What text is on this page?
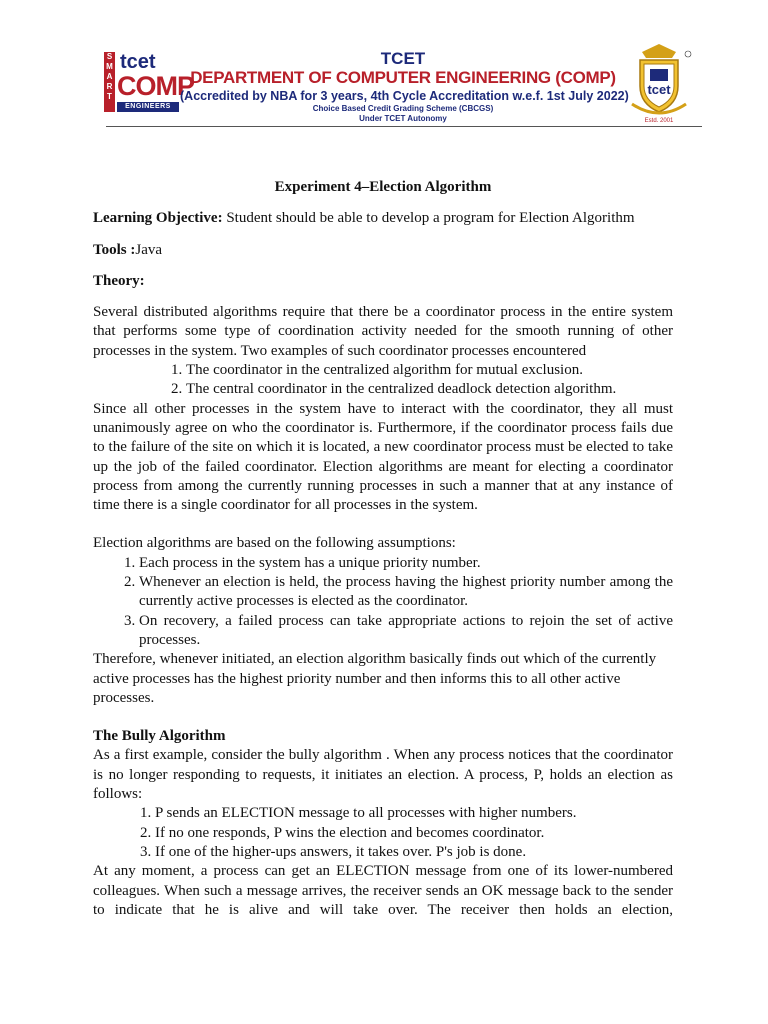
S
M
A
R
T
tcet
COMP
ENGINEERS
TCET
DEPARTMENT OF COMPUTER ENGINEERING (COMP)
(Accredited by NBA for 3 years, 4th Cycle Accreditation w.e.f. 1st July 2022)
Choice Based Credit Grading Scheme (CBCGS)
Under TCET Autonomy
tcet
Estd. 2001

Experiment 4–Election Algorithm

Learning Objective: Student should be able to develop a program for Election Algorithm

Tools :Java

Theory:

Several distributed algorithms require that there be a coordinator process in the entire system that performs some type of coordination activity needed for the smooth running of other processes in the system. Two examples of such coordinator processes encountered

1. The coordinator in the centralized algorithm for mutual exclusion.
2. The central coordinator in the centralized deadlock detection algorithm.

Since all other processes in the system have to interact with the coordinator, they all must unanimously agree on who the coordinator is. Furthermore, if the coordinator process fails due to the failure of the site on which it is located, a new coordinator process must be elected to take up the job of the failed coordinator. Election algorithms are meant for electing a coordinator process from among the currently running processes in such a manner that at any instance of time there is a single coordinator for all processes in the system.

Election algorithms are based on the following assumptions:

1. Each process in the system has a unique priority number.
2. Whenever an election is held, the process having the highest priority number among the currently active processes is elected as the coordinator.
3. On recovery, a failed process can take appropriate actions to rejoin the set of active processes.

Therefore, whenever initiated, an election algorithm basically finds out which of the currently active processes has the highest priority number and then informs this to all other active processes.

The Bully Algorithm

As a first example, consider the bully algorithm . When any process notices that the coordinator is no longer responding to requests, it initiates an election. A process, P, holds an election as follows:

1. P sends an ELECTION message to all processes with higher numbers.
2. If no one responds, P wins the election and becomes coordinator.
3. If one of the higher-ups answers, it takes over. P's job is done.

At any moment, a process can get an ELECTION message from one of its lower-numbered colleagues. When such a message arrives, the receiver sends an OK message back to the sender to indicate that he is alive and will take over. The receiver then holds an election,
